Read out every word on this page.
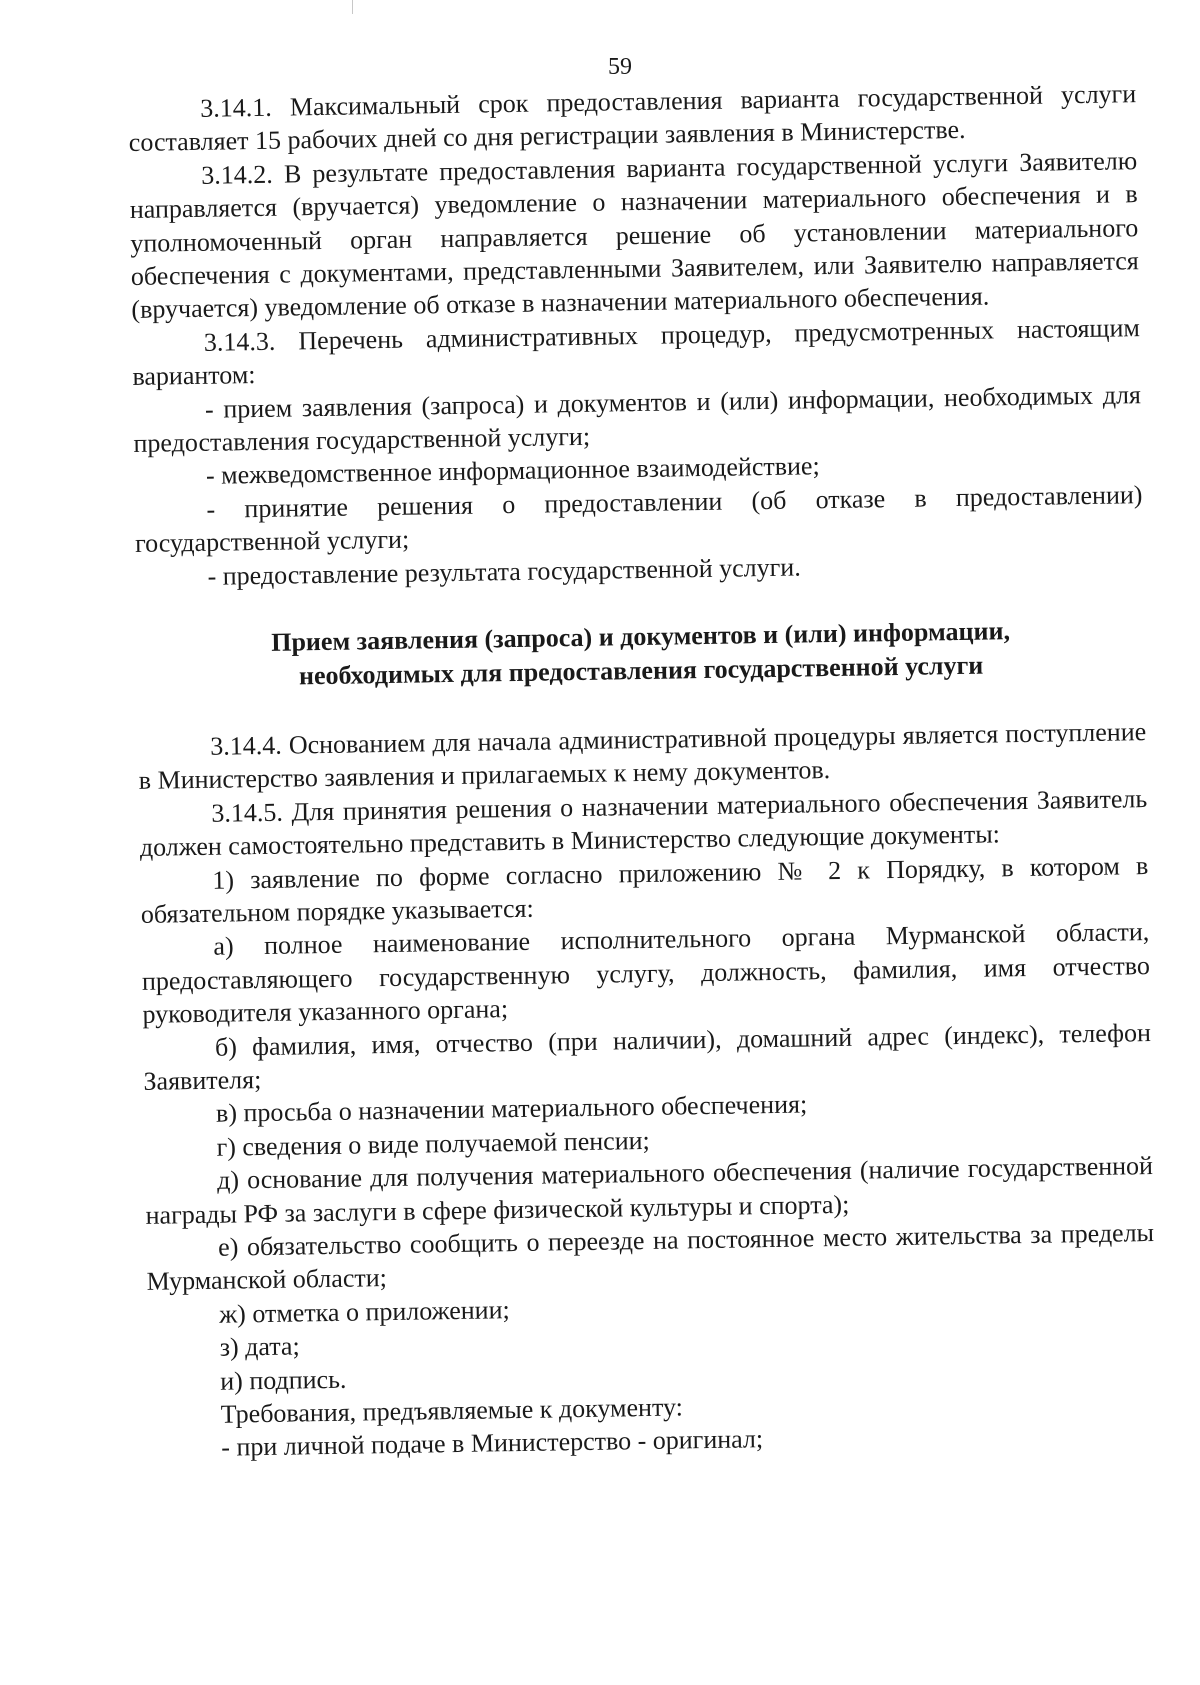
59

3.14.1. Максимальный срок предоставления варианта государственной услуги составляет 15 рабочих дней со дня регистрации заявления в Министерстве.

3.14.2. В результате предоставления варианта государственной услуги Заявителю направляется (вручается) уведомление о назначении материального обеспечения и в уполномоченный орган направляется решение об установлении материального обеспечения с документами, представленными Заявителем, или Заявителю направляется (вручается) уведомление об отказе в назначении материального обеспечения.

3.14.3. Перечень административных процедур, предусмотренных настоящим вариантом:

- прием заявления (запроса) и документов и (или) информации, необходимых для предоставления государственной услуги;

- межведомственное информационное взаимодействие;

- принятие решения о предоставлении (об отказе в предоставлении) государственной услуги;

- предоставление результата государственной услуги.

Прием заявления (запроса) и документов и (или) информации,
необходимых для предоставления государственной услуги

3.14.4. Основанием для начала административной процедуры является поступление в Министерство заявления и прилагаемых к нему документов.

3.14.5. Для принятия решения о назначении материального обеспечения Заявитель должен самостоятельно представить в Министерство следующие документы:

1) заявление по форме согласно приложению № 2 к Порядку, в котором в обязательном порядке указывается:

а) полное наименование исполнительного органа Мурманской области, предоставляющего государственную услугу, должность, фамилия, имя отчество руководителя указанного органа;

б) фамилия, имя, отчество (при наличии), домашний адрес (индекс), телефон Заявителя;

в) просьба о назначении материального обеспечения;

г) сведения о виде получаемой пенсии;

д) основание для получения материального обеспечения (наличие государственной награды РФ за заслуги в сфере физической культуры и спорта);

е) обязательство сообщить о переезде на постоянное место жительства за пределы Мурманской области;

ж) отметка о приложении;

з) дата;

и) подпись.

Требования, предъявляемые к документу:

- при личной подаче в Министерство - оригинал;
